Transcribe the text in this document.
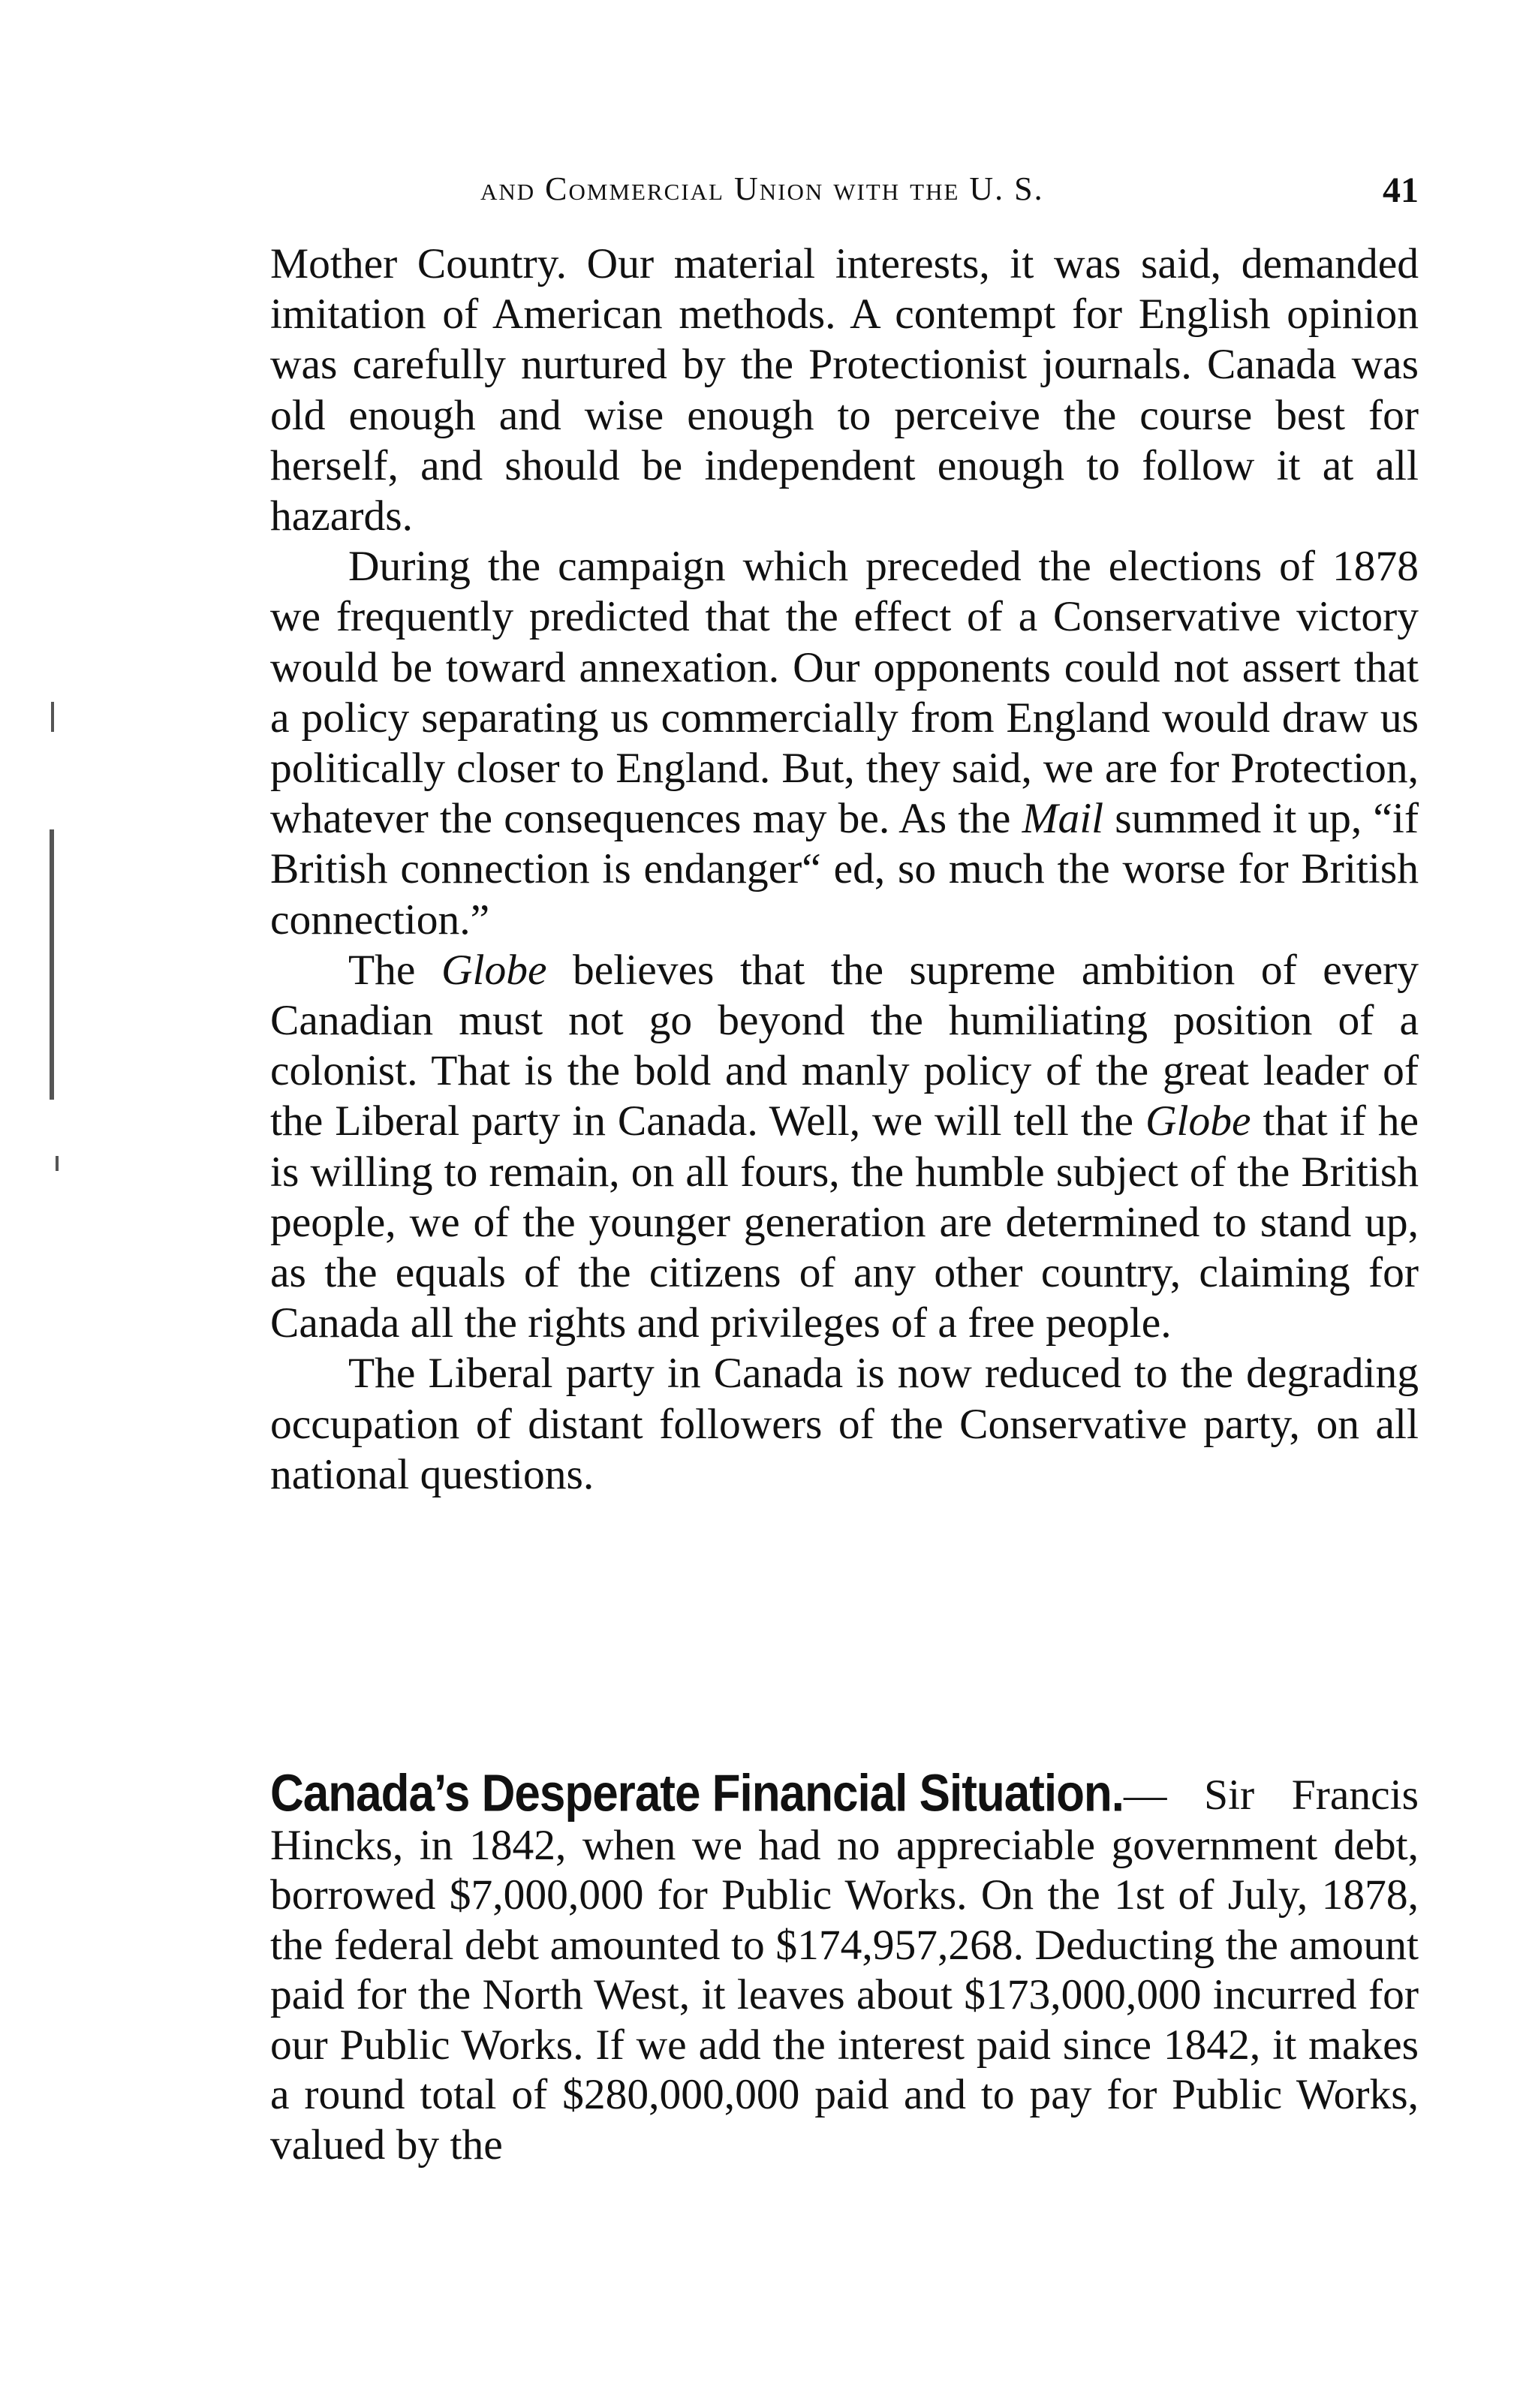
and Commercial Union with the U. S.	41

Mother Country. Our material interests, it was said, demanded imitation of American methods. A contempt for English opinion was carefully nurtured by the Protectionist journals. Canada was old enough and wise enough to perceive the course best for herself, and should be independent enough to follow it at all hazards.

During the campaign which preceded the elections of 1878 we frequently predicted that the effect of a Conservative victory would be toward annexation. Our opponents could not assert that a policy separating us commercially from England would draw us politically closer to England. But, they said, we are for Protection, whatever the consequences may be. As the Mail summed it up, “if British connection is endanger“ ed, so much the worse for British connection.”

The Globe believes that the supreme ambition of every Canadian must not go beyond the humiliating position of a colonist. That is the bold and manly policy of the great leader of the Liberal party in Canada. Well, we will tell the Globe that if he is willing to remain, on all fours, the humble subject of the British people, we of the younger generation are determined to stand up, as the equals of the citizens of any other country, claiming for Canada all the rights and privileges of a free people.

The Liberal party in Canada is now reduced to the degrading occupation of distant followers of the Conservative party, on all national questions.

Canada’s Desperate Financial Situation.— Sir Francis Hincks, in 1842, when we had no appreciable government debt, borrowed $7,000,000 for Public Works. On the 1st of July, 1878, the federal debt amounted to $174,957,268. Deducting the amount paid for the North West, it leaves about $173,000,000 incurred for our Public Works. If we add the interest paid since 1842, it makes a round total of $280,000,000 paid and to pay for Public Works, valued by the
